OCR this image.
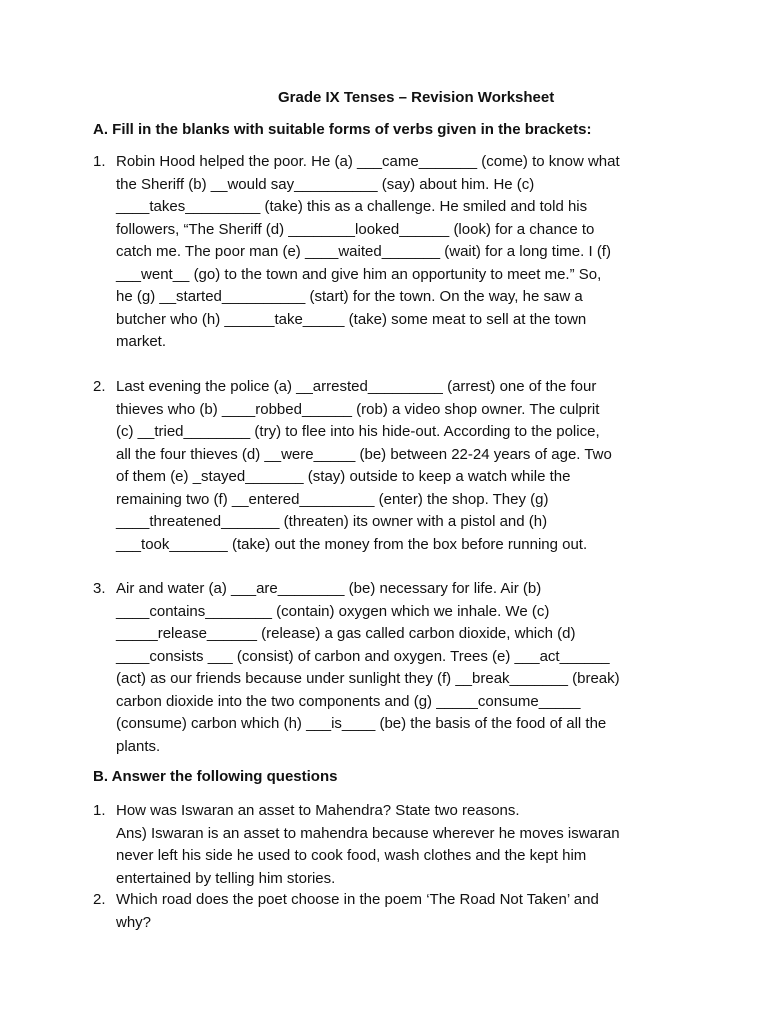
Grade IX Tenses – Revision Worksheet
A. Fill in the blanks with suitable forms of verbs given in the brackets:
1. Robin Hood helped the poor. He (a) ___came_______ (come) to know what
the Sheriff (b) __would say__________ (say) about him. He (c)
____takes_________ (take) this as a challenge. He smiled and told his
followers, “The Sheriff (d) ________looked______ (look) for a chance to
catch me. The poor man (e) ____waited_______ (wait) for a long time. I (f)
___went__ (go) to the town and give him an opportunity to meet me.” So,
he (g) __started__________ (start) for the town. On the way, he saw a
butcher who (h) ______take_____ (take) some meat to sell at the town
market.
2. Last evening the police (a) __arrested_________ (arrest) one of the four
thieves who (b) ____robbed______ (rob) a video shop owner. The culprit
(c) __tried________ (try) to flee into his hide-out. According to the police,
all the four thieves (d) __were_____ (be) between 22-24 years of age. Two
of them (e) _stayed_______ (stay) outside to keep a watch while the
remaining two (f) __entered_________ (enter) the shop. They (g)
____threatened_______ (threaten) its owner with a pistol and (h)
___took_______ (take) out the money from the box before running out.
3. Air and water (a) ___are________ (be) necessary for life. Air (b)
____contains________ (contain) oxygen which we inhale. We (c)
_____release______ (release) a gas called carbon dioxide, which (d)
____consists ___ (consist) of carbon and oxygen. Trees (e) ___act______
(act) as our friends because under sunlight they (f) __break_______ (break)
carbon dioxide into the two components and (g) _____consume_____
(consume) carbon which (h) ___is____ (be) the basis of the food of all the
plants.
B. Answer the following questions
1. How was Iswaran an asset to Mahendra? State two reasons.
Ans) Iswaran is an asset to mahendra because wherever he moves iswaran
never left his side he used to cook food, wash clothes and the kept him
entertained by telling him stories.
2. Which road does the poet choose in the poem ‘The Road Not Taken’ and
why?
